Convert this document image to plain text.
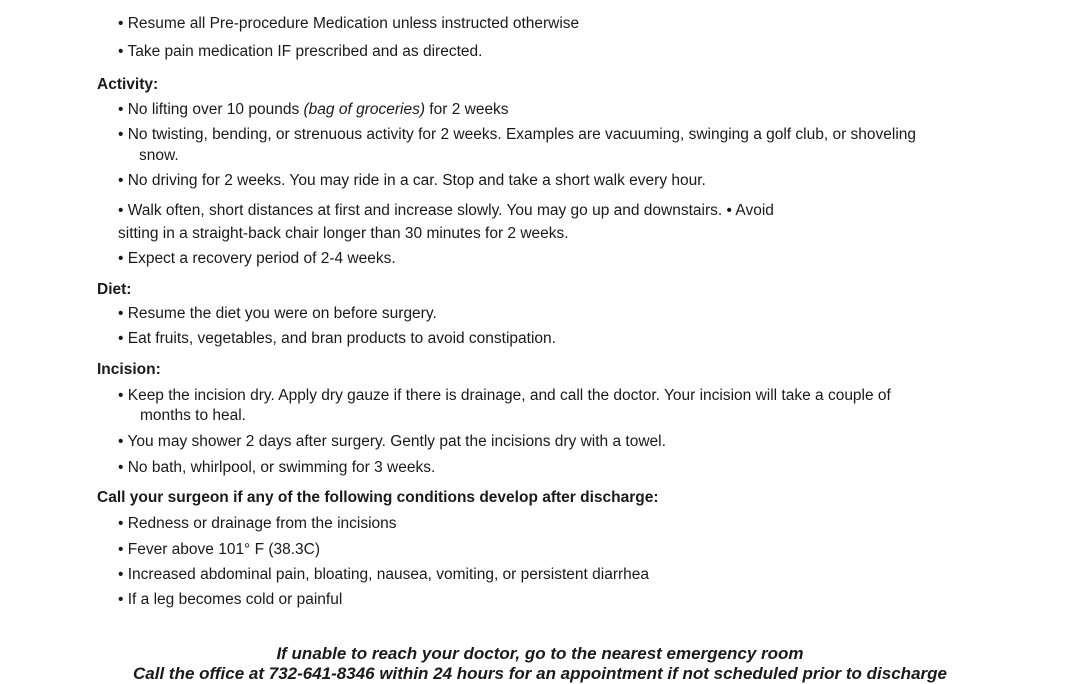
• Resume all Pre-procedure Medication unless instructed otherwise
• Take pain medication IF prescribed and as directed.
Activity:
• No lifting over 10 pounds (bag of groceries) for 2 weeks
• No twisting, bending, or strenuous activity for 2 weeks. Examples are vacuuming, swinging a golf club, or shoveling
snow.
• No driving for 2 weeks. You may ride in a car. Stop and take a short walk every hour.
• Walk often, short distances at first and increase slowly. You may go up and downstairs. • Avoid
sitting in a straight-back chair longer than 30 minutes for 2 weeks.
• Expect a recovery period of 2-4 weeks.
Diet:
• Resume the diet you were on before surgery.
• Eat fruits, vegetables, and bran products to avoid constipation.
Incision:
• Keep the incision dry. Apply dry gauze if there is drainage, and call the doctor. Your incision will take a couple of
months to heal.
• You may shower 2 days after surgery. Gently pat the incisions dry with a towel.
• No bath, whirlpool, or swimming for 3 weeks.
Call your surgeon if any of the following conditions develop after discharge:
• Redness or drainage from the incisions
• Fever above 101° F (38.3C)
• Increased abdominal pain, bloating, nausea, vomiting, or persistent diarrhea
• If a leg becomes cold or painful
If unable to reach your doctor, go to the nearest emergency room
Call the office at 732-641-8346 within 24 hours for an appointment if not scheduled prior to discharge
